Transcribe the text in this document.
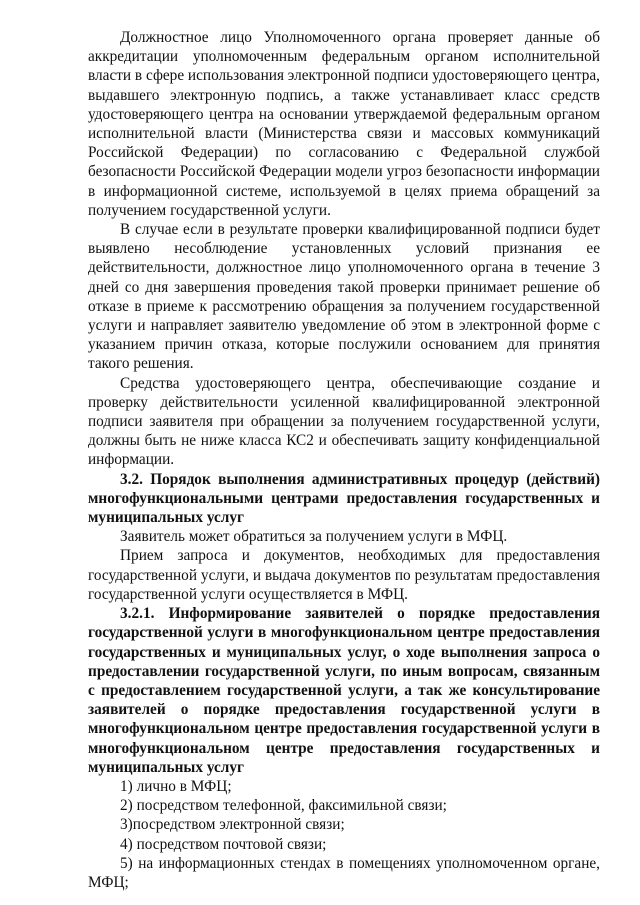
Должностное лицо Уполномоченного органа проверяет данные об аккредитации уполномоченным федеральным органом исполнительной власти в сфере использования электронной подписи удостоверяющего центра, выдавшего электронную подпись, а также устанавливает класс средств удостоверяющего центра на основании утверждаемой федеральным органом исполнительной власти (Министерства связи и массовых коммуникаций Российской Федерации) по согласованию с Федеральной службой безопасности Российской Федерации модели угроз безопасности информации в информационной системе, используемой в целях приема обращений за получением государственной услуги.

В случае если в результате проверки квалифицированной подписи будет выявлено несоблюдение установленных условий признания ее действительности, должностное лицо уполномоченного органа в течение 3 дней со дня завершения проведения такой проверки принимает решение об отказе в приеме к рассмотрению обращения за получением государственной услуги и направляет заявителю уведомление об этом в электронной форме с указанием причин отказа, которые послужили основанием для принятия такого решения.

Средства удостоверяющего центра, обеспечивающие создание и проверку действительности усиленной квалифицированной электронной подписи заявителя при обращении за получением государственной услуги, должны быть не ниже класса КС2 и обеспечивать защиту конфиденциальной информации.

3.2. Порядок выполнения административных процедур (действий) многофункциональными центрами предоставления государственных и муниципальных услуг

Заявитель может обратиться за получением услуги в МФЦ.

Прием запроса и документов, необходимых для предоставления государственной услуги, и выдача документов по результатам предоставления государственной услуги осуществляется в МФЦ.

3.2.1. Информирование заявителей о порядке предоставления государственной услуги в многофункциональном центре предоставления государственных и муниципальных услуг, о ходе выполнения запроса о предоставлении государственной услуги, по иным вопросам, связанным с предоставлением государственной услуги, а так же консультирование заявителей о порядке предоставления государственной услуги в многофункциональном центре предоставления государственной услуги в многофункциональном центре предоставления государственных и муниципальных услуг

1) лично в МФЦ;

2) посредством телефонной, факсимильной связи;

3)посредством электронной связи;

4) посредством почтовой связи;

5) на информационных стендах в помещениях уполномоченном органе, МФЦ;
